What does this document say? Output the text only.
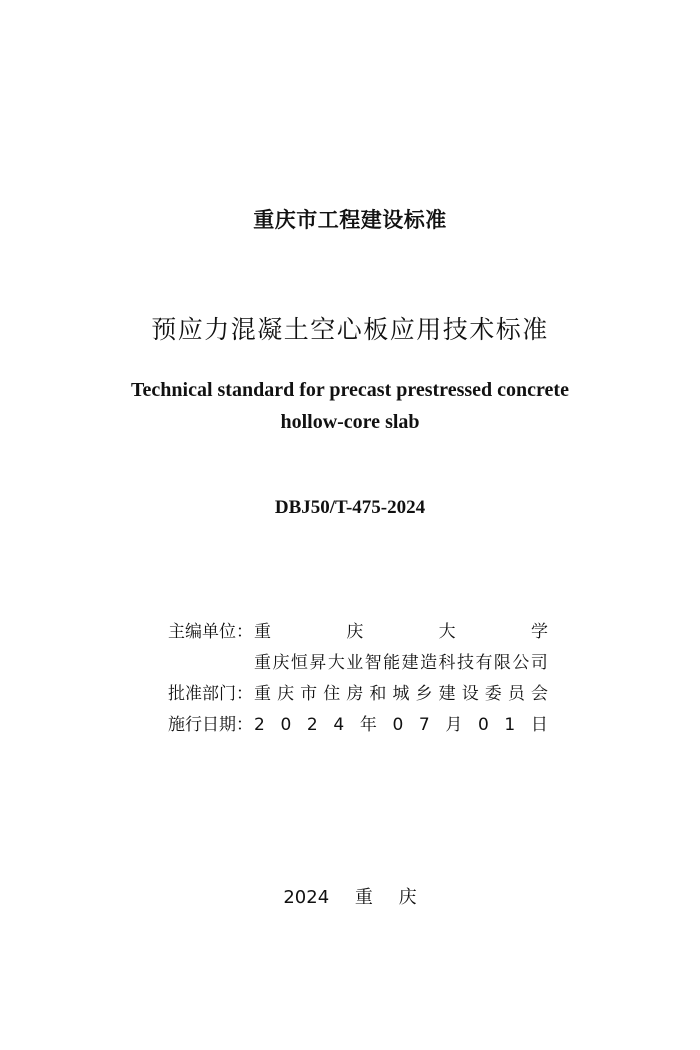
重庆市工程建设标准
预应力混凝土空心板应用技术标准
Technical standard for precast prestressed concrete
hollow-core slab
DBJ50/T-475-2024
主编单位： 重	庆	大	学
重 庆 恒 昇 大 业 智 能 建 造 科 技 有 限 公 司
批准部门： 重 庆 市 住 房 和 城 乡 建 设 委 员 会
施行日期： 2 0 2 4 年 0 7 月 0 1 日
2024 重 庆
